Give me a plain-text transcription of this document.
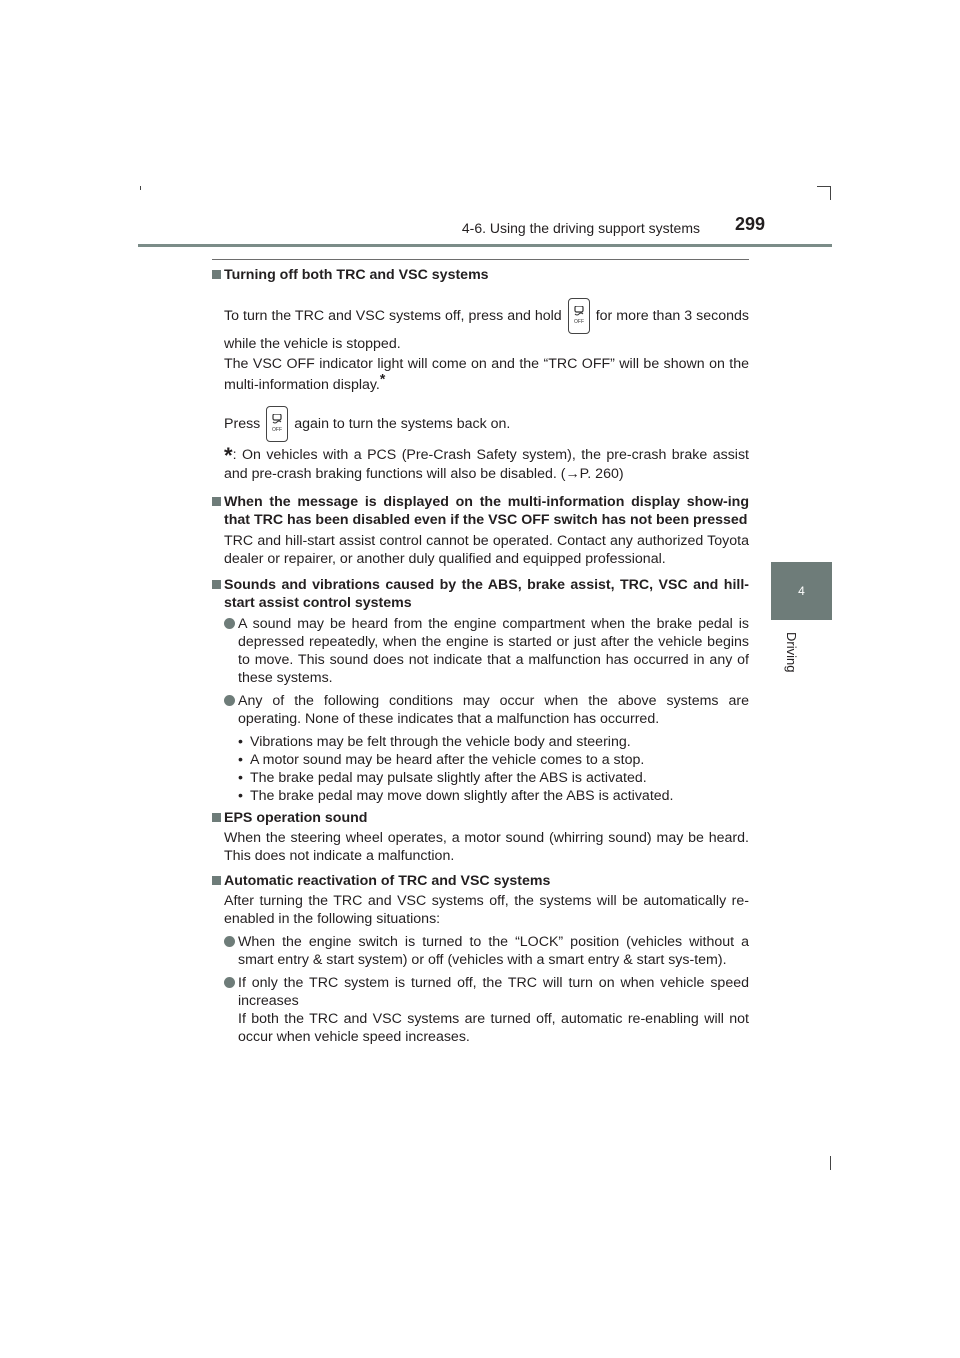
4-6. Using the driving support systems 299
4
Driving
Turning off both TRC and VSC systems
To turn the TRC and VSC systems off, press and hold OFF for more than 3 seconds while the vehicle is stopped.
The VSC OFF indicator light will come on and the “TRC OFF” will be shown on the multi-information display.*
Press OFF again to turn the systems back on.
*: On vehicles with a PCS (Pre-Crash Safety system), the pre-crash brake assist and pre-crash braking functions will also be disabled. (→P. 260)
When the message is displayed on the multi-information display show-ing that TRC has been disabled even if the VSC OFF switch has not been pressed
TRC and hill-start assist control cannot be operated. Contact any authorized Toyota dealer or repairer, or another duly qualified and equipped professional.
Sounds and vibrations caused by the ABS, brake assist, TRC, VSC and hill-start assist control systems
A sound may be heard from the engine compartment when the brake pedal is depressed repeatedly, when the engine is started or just after the vehicle begins to move. This sound does not indicate that a malfunction has occurred in any of these systems.
Any of the following conditions may occur when the above systems are operating. None of these indicates that a malfunction has occurred.
• Vibrations may be felt through the vehicle body and steering.
• A motor sound may be heard after the vehicle comes to a stop.
• The brake pedal may pulsate slightly after the ABS is activated.
• The brake pedal may move down slightly after the ABS is activated.
EPS operation sound
When the steering wheel operates, a motor sound (whirring sound) may be heard. This does not indicate a malfunction.
Automatic reactivation of TRC and VSC systems
After turning the TRC and VSC systems off, the systems will be automatically re-enabled in the following situations:
When the engine switch is turned to the “LOCK” position (vehicles without a smart entry & start system) or off (vehicles with a smart entry & start sys-tem).
If only the TRC system is turned off, the TRC will turn on when vehicle speed increases
If both the TRC and VSC systems are turned off, automatic re-enabling will not occur when vehicle speed increases.
